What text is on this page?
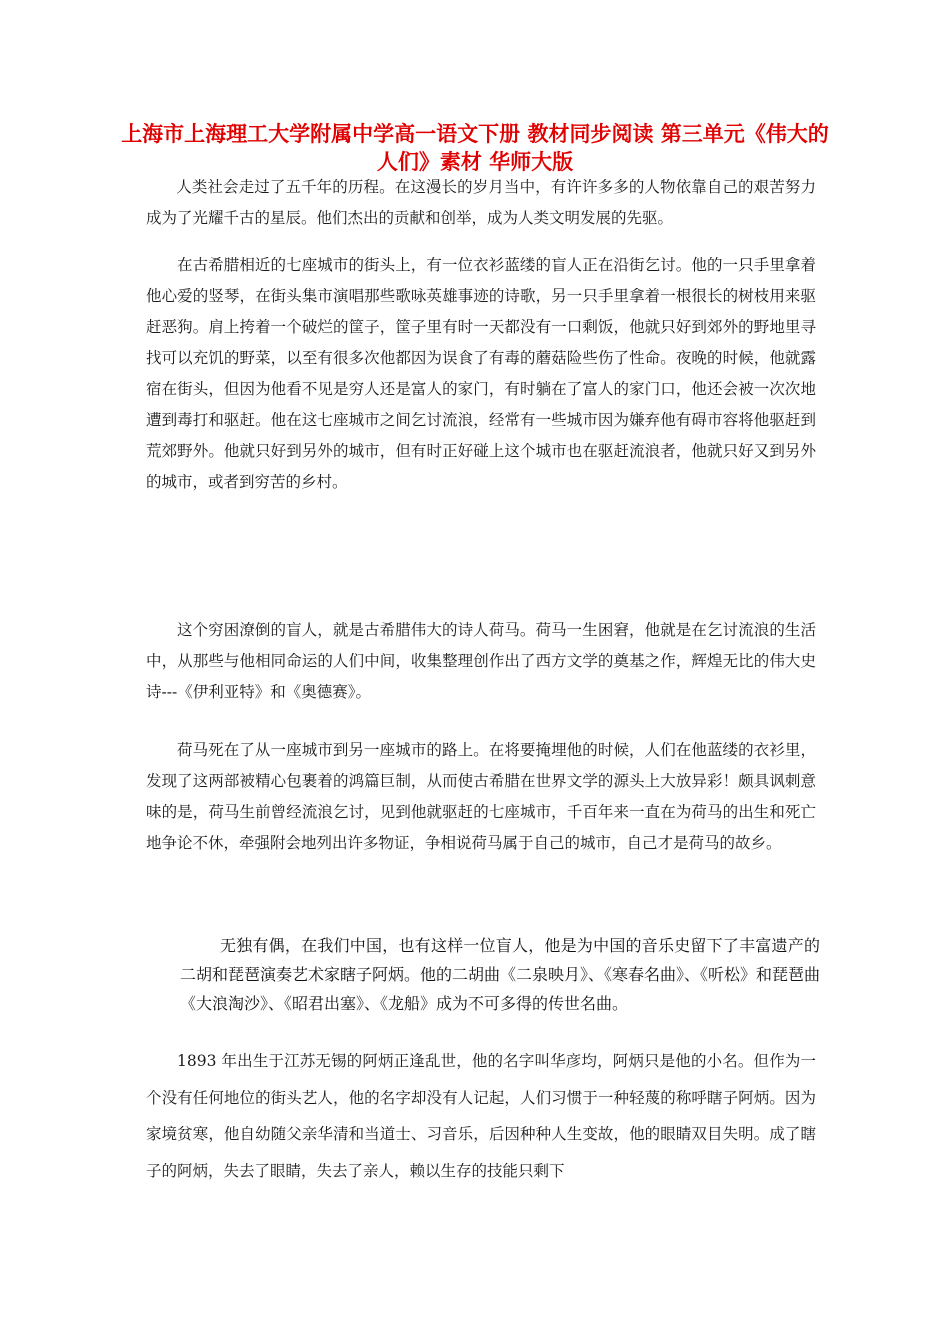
上海市上海理工大学附属中学高一语文下册 教材同步阅读 第三单元《伟大的人们》素材 华师大版

人类社会走过了五千年的历程。在这漫长的岁月当中，有许许多多的人物依靠自己的艰苦努力成为了光耀千古的星辰。他们杰出的贡献和创举，成为人类文明发展的先驱。

在古希腊相近的七座城市的街头上，有一位衣衫蓝缕的盲人正在沿街乞讨。他的一只手里拿着他心爱的竖琴，在街头集市演唱那些歌咏英雄事迹的诗歌，另一只手里拿着一根很长的树枝用来驱赶恶狗。肩上挎着一个破烂的筐子，筐子里有时一天都没有一口剩饭，他就只好到郊外的野地里寻找可以充饥的野菜，以至有很多次他都因为误食了有毒的蘑菇险些伤了性命。夜晚的时候，他就露宿在街头，但因为他看不见是穷人还是富人的家门，有时躺在了富人的家门口，他还会被一次次地遭到毒打和驱赶。他在这七座城市之间乞讨流浪，经常有一些城市因为嫌弃他有碍市容将他驱赶到荒郊野外。他就只好到另外的城市，但有时正好碰上这个城市也在驱赶流浪者，他就只好又到另外的城市，或者到穷苦的乡村。

这个穷困潦倒的盲人，就是古希腊伟大的诗人荷马。荷马一生困窘，他就是在乞讨流浪的生活中，从那些与他相同命运的人们中间，收集整理创作出了西方文学的奠基之作，辉煌无比的伟大史诗---《伊利亚特》和《奥德赛》。

荷马死在了从一座城市到另一座城市的路上。在将要掩埋他的时候，人们在他蓝缕的衣衫里，发现了这两部被精心包裹着的鸿篇巨制，从而使古希腊在世界文学的源头上大放异彩！颇具讽刺意味的是，荷马生前曾经流浪乞讨，见到他就驱赶的七座城市，千百年来一直在为荷马的出生和死亡地争论不休，牵强附会地列出许多物证，争相说荷马属于自己的城市，自己才是荷马的故乡。

无独有偶，在我们中国，也有这样一位盲人，他是为中国的音乐史留下了丰富遗产的二胡和琵琶演奏艺术家瞎子阿炳。他的二胡曲《二泉映月》、《寒春名曲》、《听松》和琵琶曲《大浪淘沙》、《昭君出塞》、《龙船》成为不可多得的传世名曲。

1893 年出生于江苏无锡的阿炳正逢乱世，他的名字叫华彦均，阿炳只是他的小名。但作为一个没有任何地位的街头艺人，他的名字却没有人记起，人们习惯于一种轻蔑的称呼瞎子阿炳。因为家境贫寒，他自幼随父亲华清和当道士、习音乐，后因种种人生变故，他的眼睛双目失明。成了瞎子的阿炳，失去了眼睛，失去了亲人，赖以生存的技能只剩下
